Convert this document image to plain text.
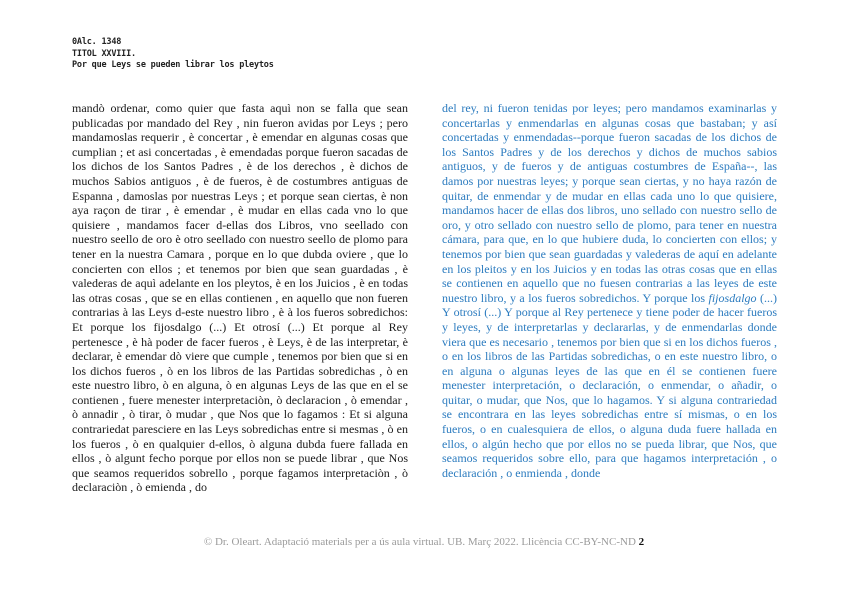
0Alc. 1348
TITOL XXVIII.
Por que Leys se pueden librar los pleytos

mandò ordenar, como quier que fasta aquì non se falla que sean publicadas por mandado del Rey , nin fueron avidas por Leys ; pero mandamoslas requerir , è concertar , è emendar en algunas cosas que cumplian ; et asi concertadas , è emendadas porque fueron sacadas de los dichos de los Santos Padres , è de los derechos , è dichos de muchos Sabios antiguos , è de fueros, è de costumbres antiguas de Espanna , damoslas por nuestras Leys ; et porque sean ciertas, è non aya raçon de tirar , è emendar , è mudar en ellas cada vno lo que quisiere , mandamos facer d-ellas dos Libros, vno seellado con nuestro seello de oro è otro seellado con nuestro seello de plomo para tener en la nuestra Camara , porque en lo que dubda oviere , que lo concierten con ellos ; et tenemos por bien que sean guardadas , è valederas de aquì adelante en los pleytos, è en los Juicios , è en todas las otras cosas , que se en ellas contienen , en aquello que non fueren contrarias à las Leys d-este nuestro libro , è à los fueros sobredichos: Et porque los fijosdalgo (...) Et otrosí (...) Et porque al Rey pertenesce , è hà poder de facer fueros , è Leys, è de las interpretar, è declarar, è emendar dò viere que cumple , tenemos por bien que si en los dichos fueros , ò en los libros de las Partidas sobredichas , ò en este nuestro libro, ò en alguna, ò en algunas Leys de las que en el se contienen , fuere menester interpretaciòn, ò declaracion , ò emendar , ò annadir , ò tirar, ò mudar , que Nos que lo fagamos : Et si alguna contrariedat paresciere en las Leys sobredichas entre si mesmas , ò en los fueros , ò en qualquier d-ellos, ò alguna dubda fuere fallada en ellos , ò algunt fecho porque por ellos non se puede librar , que Nos que seamos requeridos sobrello , porque fagamos interpretaciòn , ò declaraciòn , ò emienda , do

del rey, ni fueron tenidas por leyes; pero mandamos examinarlas y concertarlas y enmendarlas en algunas cosas que bastaban; y así concertadas y enmendadas--porque fueron sacadas de los dichos de los Santos Padres y de los derechos y dichos de muchos sabios antiguos, y de fueros y de antiguas costumbres de España--, las damos por nuestras leyes; y porque sean ciertas, y no haya razón de quitar, de enmendar y de mudar en ellas cada uno lo que quisiere, mandamos hacer de ellas dos libros, uno sellado con nuestro sello de oro, y otro sellado con nuestro sello de plomo, para tener en nuestra cámara, para que, en lo que hubiere duda, lo concierten con ellos; y tenemos por bien que sean guardadas y valederas de aquí en adelante en los pleitos y en los Juicios y en todas las otras cosas que en ellas se contienen en aquello que no fuesen contrarias a las leyes de este nuestro libro, y a los fueros sobredichos. Y porque los fijosdalgo (...) Y otrosí (...) Y porque al Rey pertenece y tiene poder de hacer fueros y leyes, y de interpretarlas y declararlas, y de enmendarlas donde viera que es necesario , tenemos por bien que si en los dichos fueros , o en los libros de las Partidas sobredichas, o en este nuestro libro, o en alguna o algunas leyes de las que en él se contienen fuere menester interpretación, o declaración, o enmendar, o añadir, o quitar, o mudar, que Nos, que lo hagamos. Y si alguna contrariedad se encontrara en las leyes sobredichas entre sí mismas, o en los fueros, o en cualesquiera de ellos, o alguna duda fuere hallada en ellos, o algún hecho que por ellos no se pueda librar, que Nos, que seamos requeridos sobre ello, para que hagamos interpretación , o declaración , o enmienda , donde

© Dr. Oleart. Adaptació materials per a ús aula virtual. UB. Març 2022. Llicència CC-BY-NC-ND 2
